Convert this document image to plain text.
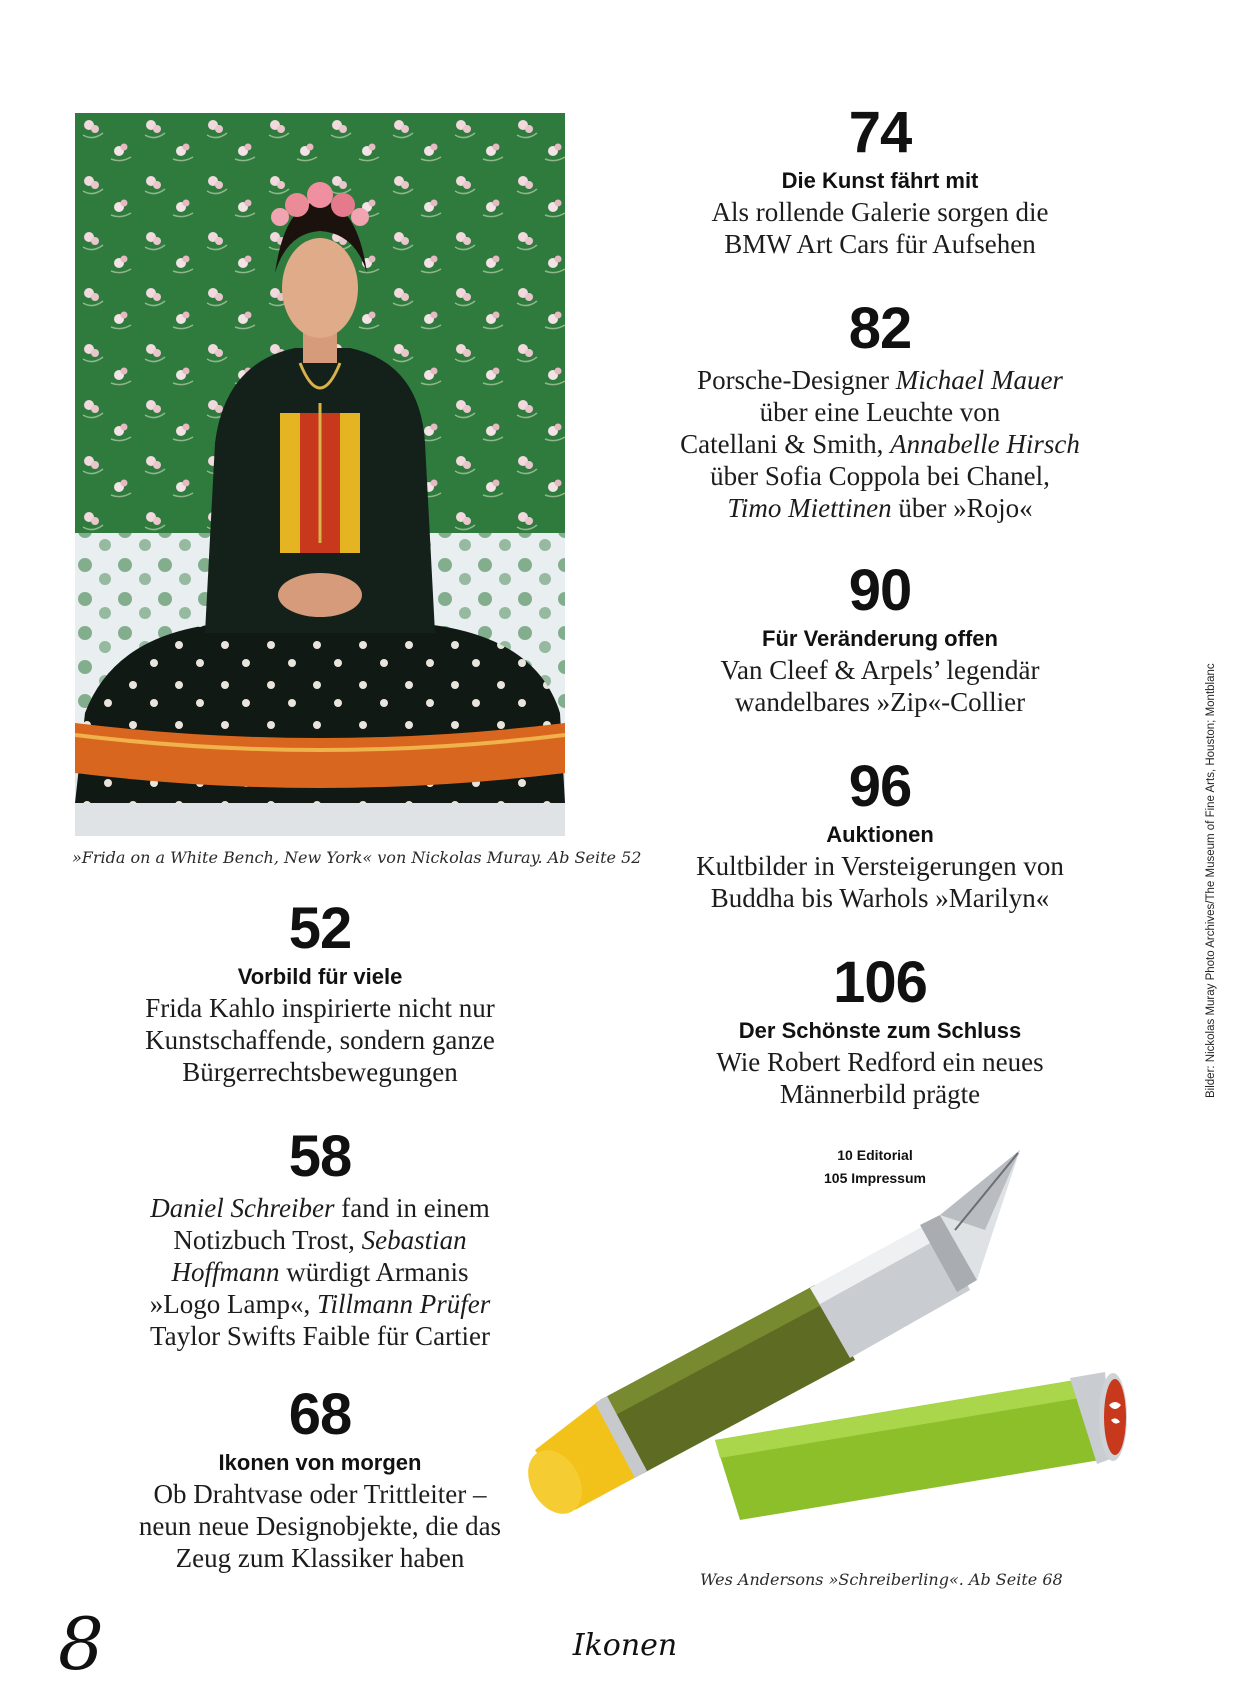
»Frida on a White Bench, New York« von Nickolas Muray. Ab Seite 52
74
Die Kunst fährt mit
Als rollende Galerie sorgen die
BMW Art Cars für Aufsehen
82
Porsche-Designer Michael Mauer
über eine Leuchte von
Catellani & Smith, Annabelle Hirsch
über Sofia Coppola bei Chanel,
Timo Miettinen über »Rojo«
90
Für Veränderung offen
Van Cleef & Arpels’ legendär
wandelbares »Zip«-Collier
96
Auktionen
Kultbilder in Versteigerungen von
Buddha bis Warhols »Marilyn«
106
Der Schönste zum Schluss
Wie Robert Redford ein neues
Männerbild prägte
52
Vorbild für viele
Frida Kahlo inspirierte nicht nur
Kunstschaffende, sondern ganze
Bürgerrechtsbewegungen
58
Daniel Schreiber fand in einem
Notizbuch Trost, Sebastian
Hoffmann würdigt Armanis
»Logo Lamp«, Tillmann Prüfer
Taylor Swifts Faible für Cartier
68
Ikonen von morgen
Ob Drahtvase oder Trittleiter –
neun neue Designobjekte, die das
Zeug zum Klassiker haben
10 Editorial
105 Impressum
Wes Andersons »Schreiberling«. Ab Seite 68
Bilder: Nickolas Muray Photo Archives/The Museum of Fine Arts, Houston; Montblanc
8	Ikonen
